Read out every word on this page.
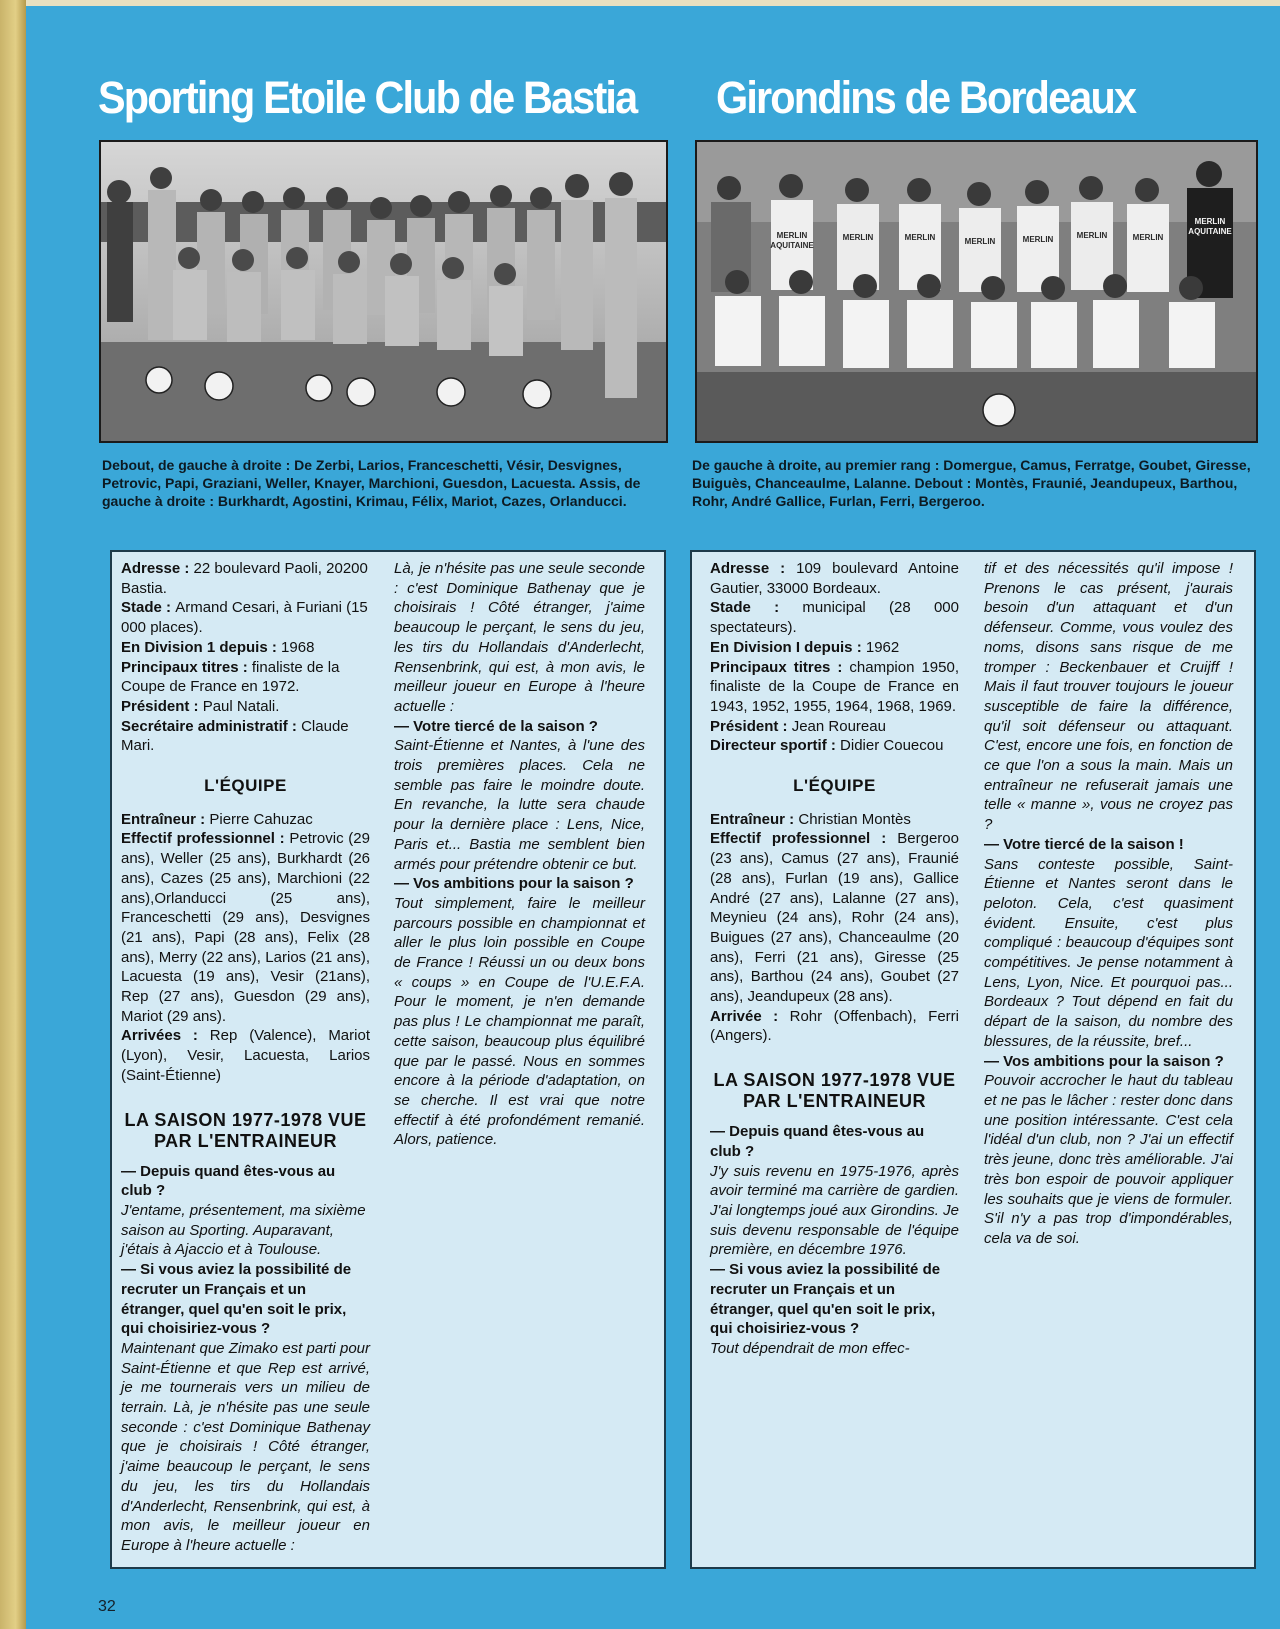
Sporting Etoile Club de Bastia Girondins de Bordeaux
MERLIN
AQUITAINE
MERLIN	MERLIN	MERLIN	MERLIN	MERLIN	MERLIN
MERLIN
AQUITAINE
Debout, de gauche à droite : De Zerbi, Larios, Franceschetti, Vésir, Desvignes, Petrovic, Papi, Graziani, Weller, Knayer, Marchioni, Guesdon, Lacuesta. Assis, de gauche à droite : Burkhardt, Agostini, Krimau, Félix, Mariot, Cazes, Orlanducci.
De gauche à droite, au premier rang : Domergue, Camus, Ferratge, Goubet, Giresse, Buiguès, Chanceaulme, Lalanne. Debout : Montès, Fraunié, Jeandupeux, Barthou, Rohr, André Gallice, Furlan, Ferri, Bergeroo.

Adresse : 22 boulevard Paoli, 20200 Bastia.

Stade : Armand Cesari, à Furiani (15 000 places).

En Division 1 depuis : 1968

Principaux titres : finaliste de la Coupe de France en 1972.

Président : Paul Natali.

Secrétaire administratif : Claude Mari.

L'ÉQUIPE

Entraîneur : Pierre Cahuzac

Effectif professionnel : Petrovic (29 ans), Weller (25 ans), Burkhardt (26 ans), Cazes (25 ans), Marchioni (22 ans),Orlanducci (25 ans), Franceschetti (29 ans), Desvignes (21 ans), Papi (28 ans), Felix (28 ans), Merry (22 ans), Larios (21 ans), Lacuesta (19 ans), Vesir (21ans), Rep (27 ans), Guesdon (29 ans), Mariot (29 ans).

Arrivées : Rep (Valence), Mariot (Lyon), Vesir, Lacuesta, Larios (Saint-Étienne)

LA SAISON 1977-1978 VUE PAR L'ENTRAINEUR

— Depuis quand êtes-vous au club ?

J'entame, présentement, ma sixième saison au Sporting. Auparavant, j'étais à Ajaccio et à Toulouse.

— Si vous aviez la possibilité de recruter un Français et un étranger, quel qu'en soit le prix, qui choisiriez-vous ?

Maintenant que Zimako est parti pour Saint-Étienne et que Rep est arrivé, je me tournerais vers un milieu de terrain. Là, je n'hésite pas une seule seconde : c'est Dominique Bathenay que je choisirais ! Côté étranger, j'aime beaucoup le perçant, le sens du jeu, les tirs du Hollandais d'Anderlecht, Rensenbrink, qui est, à mon avis, le meilleur joueur en Europe à l'heure actuelle :

Là, je n'hésite pas une seule seconde : c'est Dominique Bathenay que je choisirais ! Côté étranger, j'aime beaucoup le perçant, le sens du jeu, les tirs du Hollandais d'Anderlecht, Rensenbrink, qui est, à mon avis, le meilleur joueur en Europe à l'heure actuelle :

— Votre tiercé de la saison ?

Saint-Étienne et Nantes, à l'une des trois premières places. Cela ne semble pas faire le moindre doute. En revanche, la lutte sera chaude pour la dernière place : Lens, Nice, Paris et... Bastia me semblent bien armés pour prétendre obtenir ce but.

— Vos ambitions pour la saison ?

Tout simplement, faire le meilleur parcours possible en championnat et aller le plus loin possible en Coupe de France ! Réussi un ou deux bons « coups » en Coupe de l'U.E.F.A. Pour le moment, je n'en demande pas plus ! Le championnat me paraît, cette saison, beaucoup plus équilibré que par le passé. Nous en sommes encore à la période d'adaptation, on se cherche. Il est vrai que notre effectif à été profondément remanié. Alors, patience.

Adresse : 109 boulevard Antoine Gautier, 33000 Bordeaux.

Stade : municipal (28 000 spectateurs).

En Division I depuis : 1962

Principaux titres : champion 1950, finaliste de la Coupe de France en 1943, 1952, 1955, 1964, 1968, 1969.

Président : Jean Roureau

Directeur sportif : Didier Couecou

L'ÉQUIPE

Entraîneur : Christian Montès

Effectif professionnel : Bergeroo (23 ans), Camus (27 ans), Fraunié (28 ans), Furlan (19 ans), Gallice André (27 ans), Lalanne (27 ans), Meynieu (24 ans), Rohr (24 ans), Buigues (27 ans), Chanceaulme (20 ans), Ferri (21 ans), Giresse (25 ans), Barthou (24 ans), Goubet (27 ans), Jeandupeux (28 ans).

Arrivée : Rohr (Offenbach), Ferri (Angers).

LA SAISON 1977-1978 VUE PAR L'ENTRAINEUR

— Depuis quand êtes-vous au club ?

J'y suis revenu en 1975-1976, après avoir terminé ma carrière de gardien. J'ai longtemps joué aux Girondins. Je suis devenu responsable de l'équipe première, en décembre 1976.

— Si vous aviez la possibilité de recruter un Français et un étranger, quel qu'en soit le prix, qui choisiriez-vous ?

Tout dépendrait de mon effec-

tif et des nécessités qu'il impose ! Prenons le cas présent, j'aurais besoin d'un attaquant et d'un défenseur. Comme, vous voulez des noms, disons sans risque de me tromper : Beckenbauer et Cruijff ! Mais il faut trouver toujours le joueur susceptible de faire la différence, qu'il soit défenseur ou attaquant. C'est, encore une fois, en fonction de ce que l'on a sous la main. Mais un entraîneur ne refuserait jamais une telle « manne », vous ne croyez pas ?

— Votre tiercé de la saison !

Sans conteste possible, Saint-Étienne et Nantes seront dans le peloton. Cela, c'est quasiment évident. Ensuite, c'est plus compliqué : beaucoup d'équipes sont compétitives. Je pense notamment à Lens, Lyon, Nice. Et pourquoi pas... Bordeaux ? Tout dépend en fait du départ de la saison, du nombre des blessures, de la réussite, bref...

— Vos ambitions pour la saison ?

Pouvoir accrocher le haut du tableau et ne pas le lâcher : rester donc dans une position intéressante. C'est cela l'idéal d'un club, non ? J'ai un effectif très jeune, donc très améliorable. J'ai très bon espoir de pouvoir appliquer les souhaits que je viens de formuler. S'il n'y a pas trop d'impondérables, cela va de soi.

32
